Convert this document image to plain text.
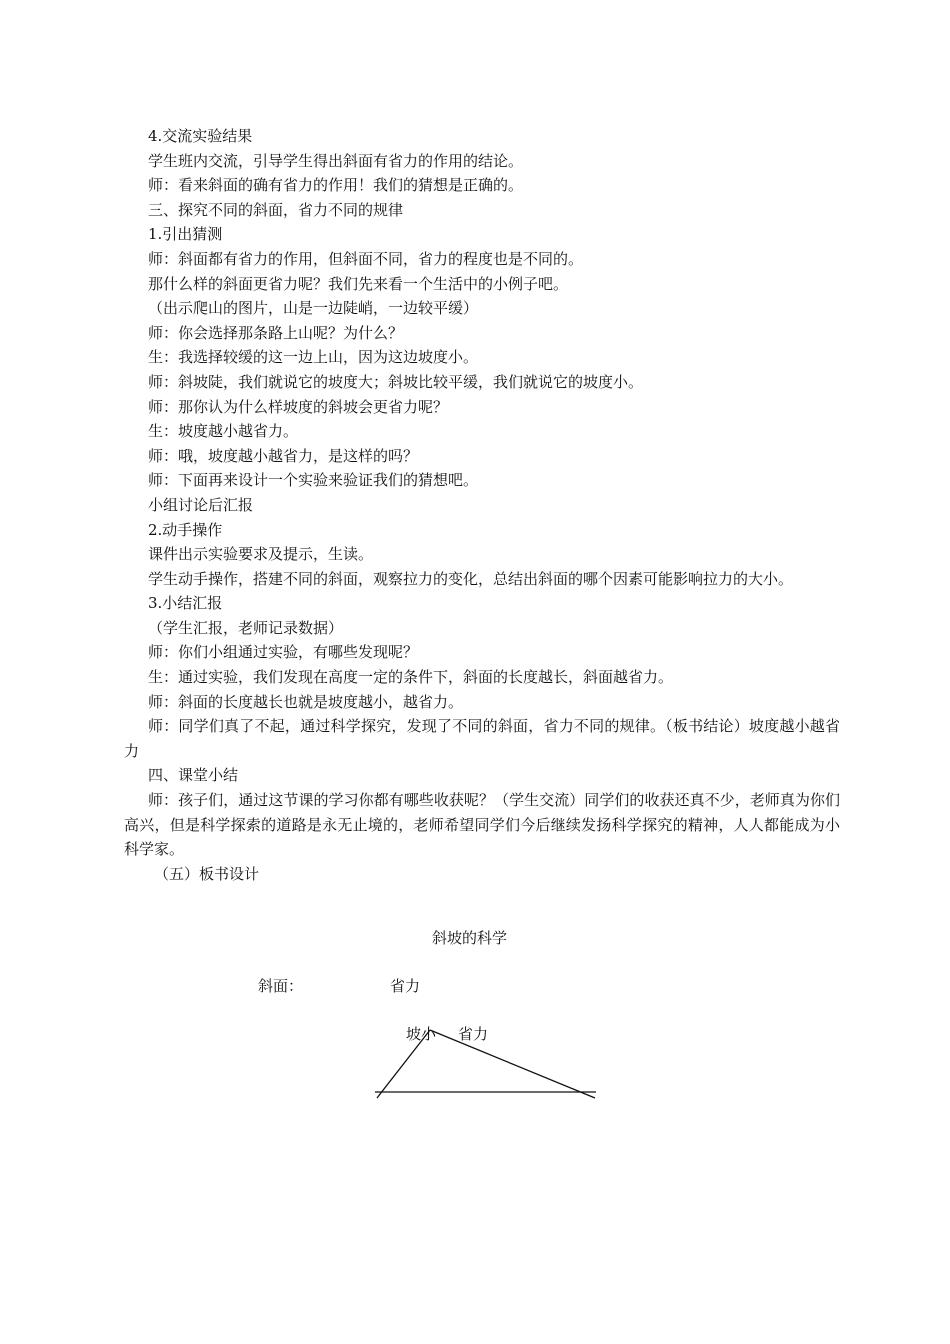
4.交流实验结果

学生班内交流，引导学生得出斜面有省力的作用的结论。

师：看来斜面的确有省力的作用！我们的猜想是正确的。

三、探究不同的斜面，省力不同的规律

1.引出猜测

师：斜面都有省力的作用，但斜面不同，省力的程度也是不同的。

那什么样的斜面更省力呢？我们先来看一个生活中的小例子吧。

（出示爬山的图片，山是一边陡峭，一边较平缓）

师：你会选择那条路上山呢？为什么？

生：我选择较缓的这一边上山，因为这边坡度小。

师：斜坡陡，我们就说它的坡度大；斜坡比较平缓，我们就说它的坡度小。

师：那你认为什么样坡度的斜坡会更省力呢？

生：坡度越小越省力。

师：哦，坡度越小越省力，是这样的吗？

师：下面再来设计一个实验来验证我们的猜想吧。

小组讨论后汇报

2.动手操作

课件出示实验要求及提示，生读。

学生动手操作，搭建不同的斜面，观察拉力的变化，总结出斜面的哪个因素可能影响拉力的大小。

3.小结汇报

（学生汇报，老师记录数据）

师：你们小组通过实验，有哪些发现呢？

生：通过实验，我们发现在高度一定的条件下，斜面的长度越长，斜面越省力。

师：斜面的长度越长也就是坡度越小，越省力。

师：同学们真了不起，通过科学探究，发现了不同的斜面，省力不同的规律。（板书结论）坡度越小越省力

四、课堂小结

师：孩子们，通过这节课的学习你都有哪些收获呢？（学生交流）同学们的收获还真不少，老师真为你们高兴，但是科学探索的道路是永无止境的，老师希望同学们今后继续发扬科学探究的精神，人人都能成为小科学家。

（五）板书设计

斜坡的科学
斜面：	省力
坡小 省力
